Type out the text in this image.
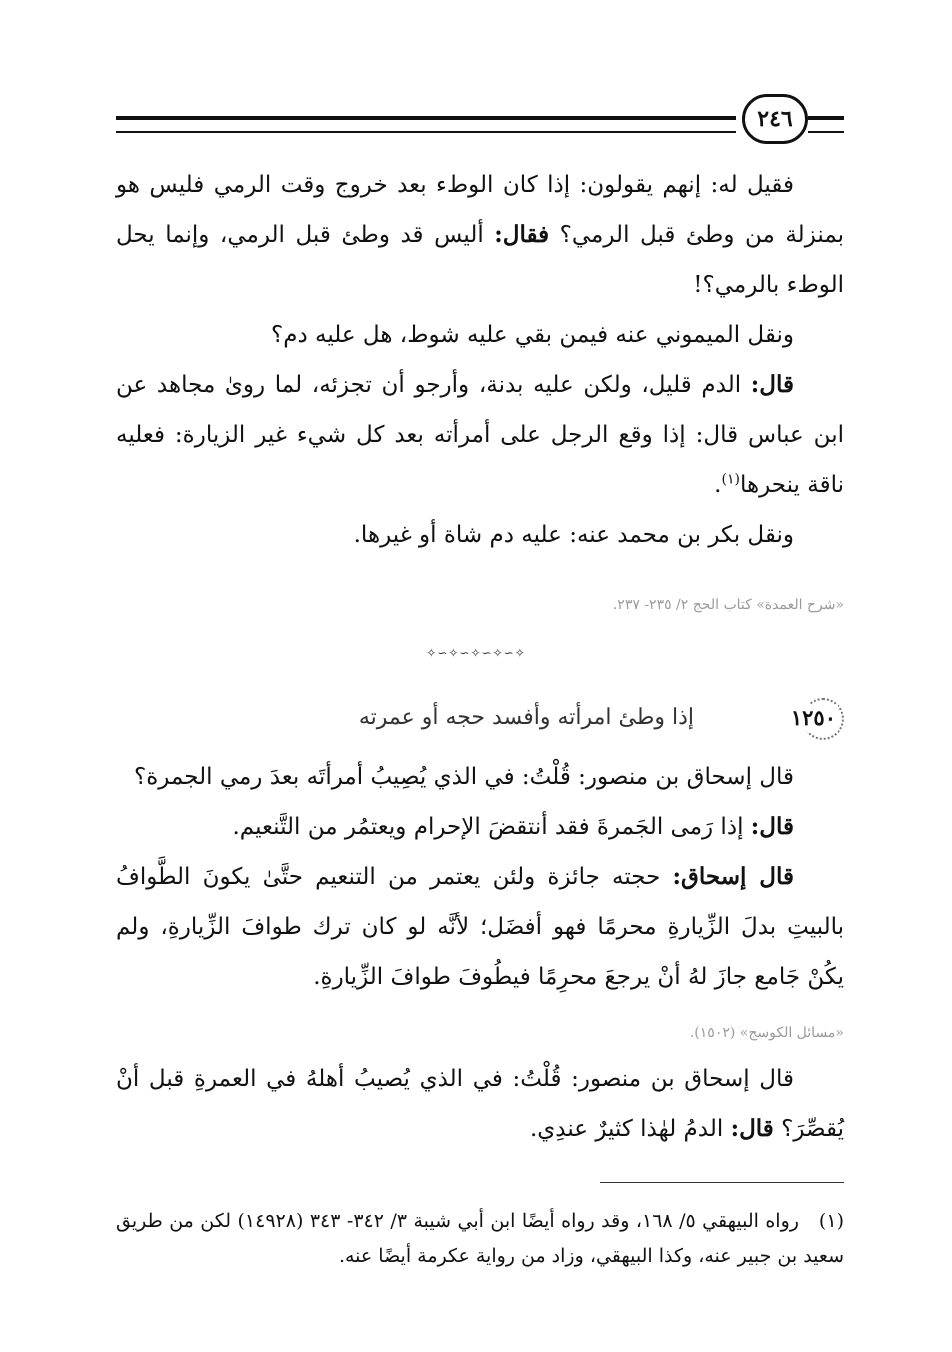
٢٤٦

فقيل له: إنهم يقولون: إذا كان الوطء بعد خروج وقت الرمي فليس هو بمنزلة من وطئ قبل الرمي؟ فقال: أليس قد وطئ قبل الرمي، وإنما يحل الوطء بالرمي؟!

ونقل الميموني عنه فيمن بقي عليه شوط، هل عليه دم؟

قال: الدم قليل، ولكن عليه بدنة، وأرجو أن تجزئه، لما روىٰ مجاهد عن ابن عباس قال: إذا وقع الرجل على أمرأته بعد كل شيء غير الزيارة: فعليه ناقة ينحرها$^{(١)}$.

ونقل بكر بن محمد عنه: عليه دم شاة أو غيرها.

«شرح العمدة» كتاب الحج ٢/ ٢٣٥- ٢٣٧.
✧∽✧∽✧∽✧∽✧
١٢٥٠
إذا وطئ امرأته وأفسد حجه أو عمرته

قال إسحاق بن منصور: قُلْتُ: في الذي يُصِيبُ أمرأتَه بعدَ رمي الجمرة؟

قال: إذا رَمى الجَمرةَ فقد أنتقضَ الإحرام ويعتمُر من التَّنعيم.

قال إسحاق: حجته جائزة ولئن يعتمر من التنعيم حتَّىٰ يكونَ الطَّوافُ بالبيتِ بدلَ الزِّيارةِ محرمًا فهو أفضَل؛ لأنَّه لو كان ترك طوافَ الزِّيارةِ، ولم يكُنْ جَامع جازَ لهُ أنْ يرجعَ محرِمًا فيطُوفَ طوافَ الزِّيارةِ.

«مسائل الكوسج» (١٥٠٢).

قال إسحاق بن منصور: قُلْتُ: في الذي يُصيبُ أهلهُ في العمرةِ قبل أنْ يُقصِّرَ؟ قال: الدمُ لهٰذا كثيرٌ عندِي.

(١)رواه البيهقي ٥/ ١٦٨، وقد رواه أيضًا ابن أبي شيبة ٣/ ٣٤٢- ٣٤٣ (١٤٩٢٨) لكن من طريق سعيد بن جبير عنه، وكذا البيهقي، وزاد من رواية عكرمة أيضًا عنه.
